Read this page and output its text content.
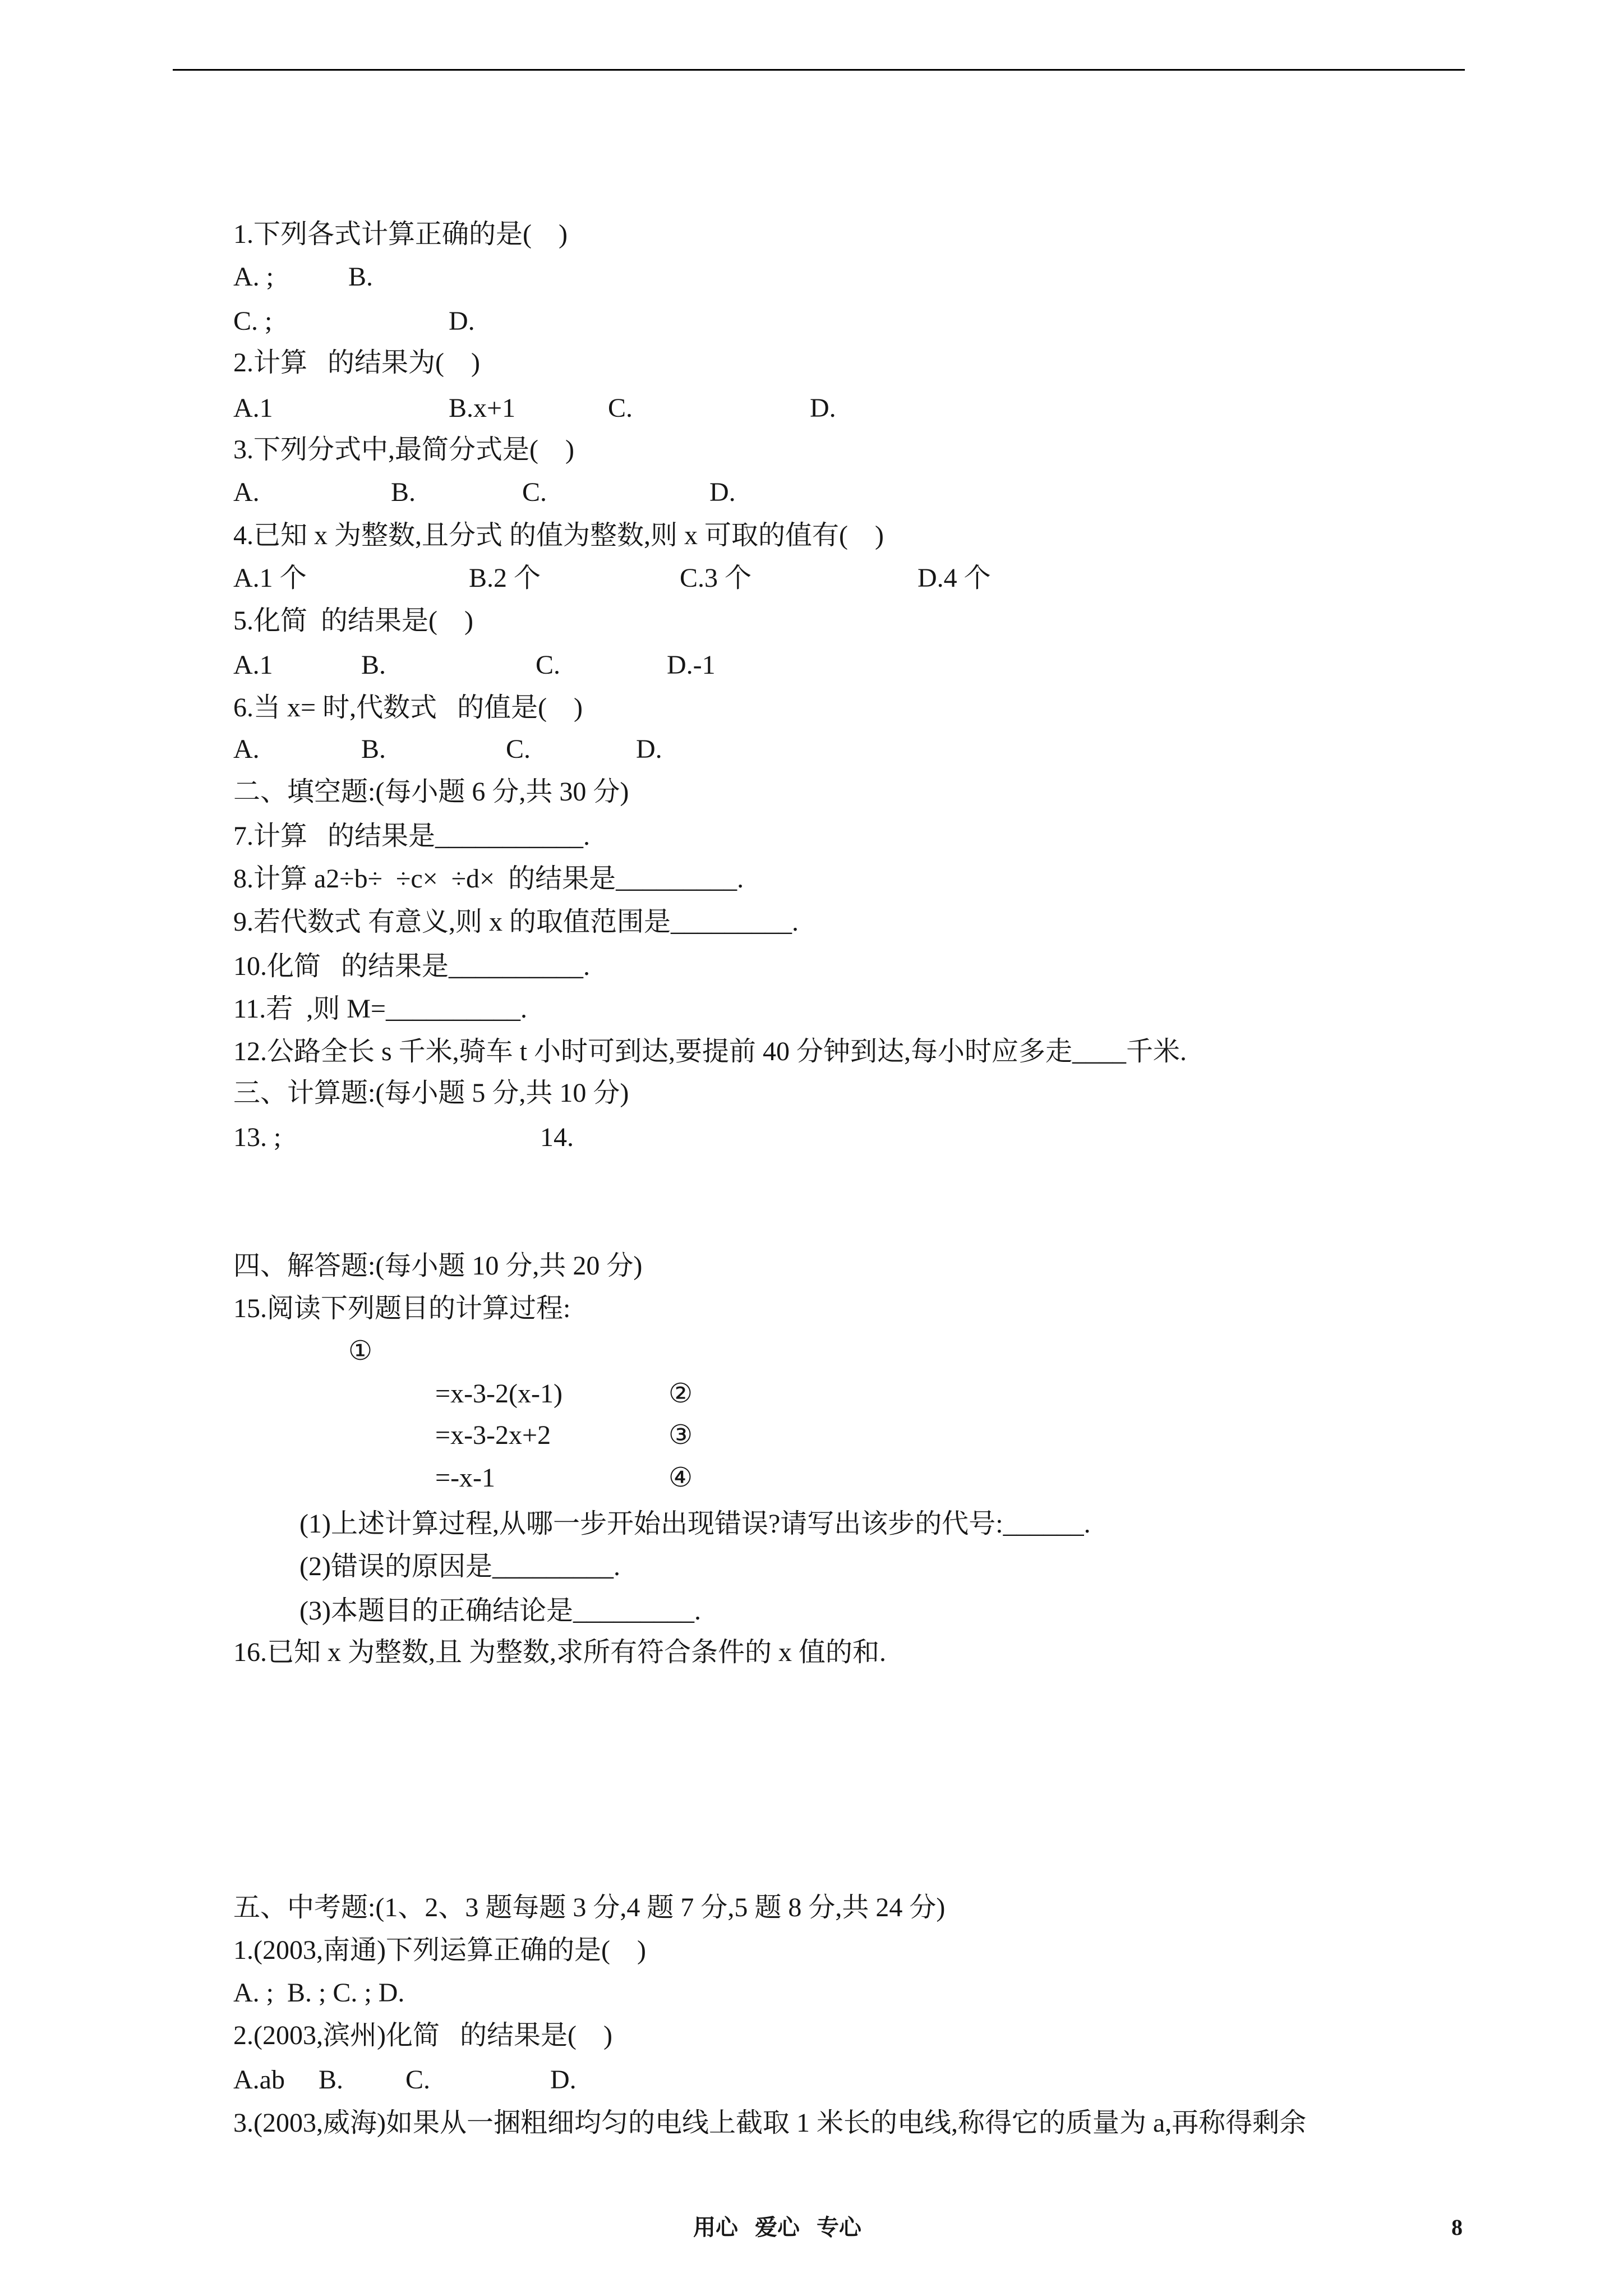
1.下列各式计算正确的是(    )
A. ;	B.
C. ;	D.
2.计算   的结果为(    )
A.1	B.x+1	C.	D.
3.下列分式中,最简分式是(    )
A.	B.	C.	D.
4.已知 x 为整数,且分式 的值为整数,则 x 可取的值有(    )
A.1 个	B.2 个	C.3 个	D.4 个
5.化简  的结果是(    )
A.1	B.	C.	D.-1
6.当 x= 时,代数式   的值是(    )
A.	B.	C.	D.
二、填空题:(每小题 6 分,共 30 分)
7.计算   的结果是___________.
8.计算 a2÷b÷  ÷c×  ÷d×  的结果是_________.
9.若代数式 有意义,则 x 的取值范围是_________.
10.化简   的结果是__________.
11.若  ,则 M=__________.
12.公路全长 s 千米,骑车 t 小时可到达,要提前 40 分钟到达,每小时应多走____千米.
三、计算题:(每小题 5 分,共 10 分)
13. ;	14.
四、解答题:(每小题 10 分,共 20 分)
15.阅读下列题目的计算过程:
①
=x-3-2(x-1)	②
=x-3-2x+2	③
=-x-1	④
(1)上述计算过程,从哪一步开始出现错误?请写出该步的代号:______.
(2)错误的原因是_________.
(3)本题目的正确结论是_________.
16.已知 x 为整数,且 为整数,求所有符合条件的 x 值的和.
五、中考题:(1、2、3 题每题 3 分,4 题 7 分,5 题 8 分,共 24 分)
1.(2003,南通)下列运算正确的是(    )
A. ;  B. ; C. ; D.
2.(2003,滨州)化简   的结果是(    )
A.ab B. C.	D.
3.(2003,威海)如果从一捆粗细均匀的电线上截取 1 米长的电线,称得它的质量为 a,再称得剩余
用心   爱心   专心	8
